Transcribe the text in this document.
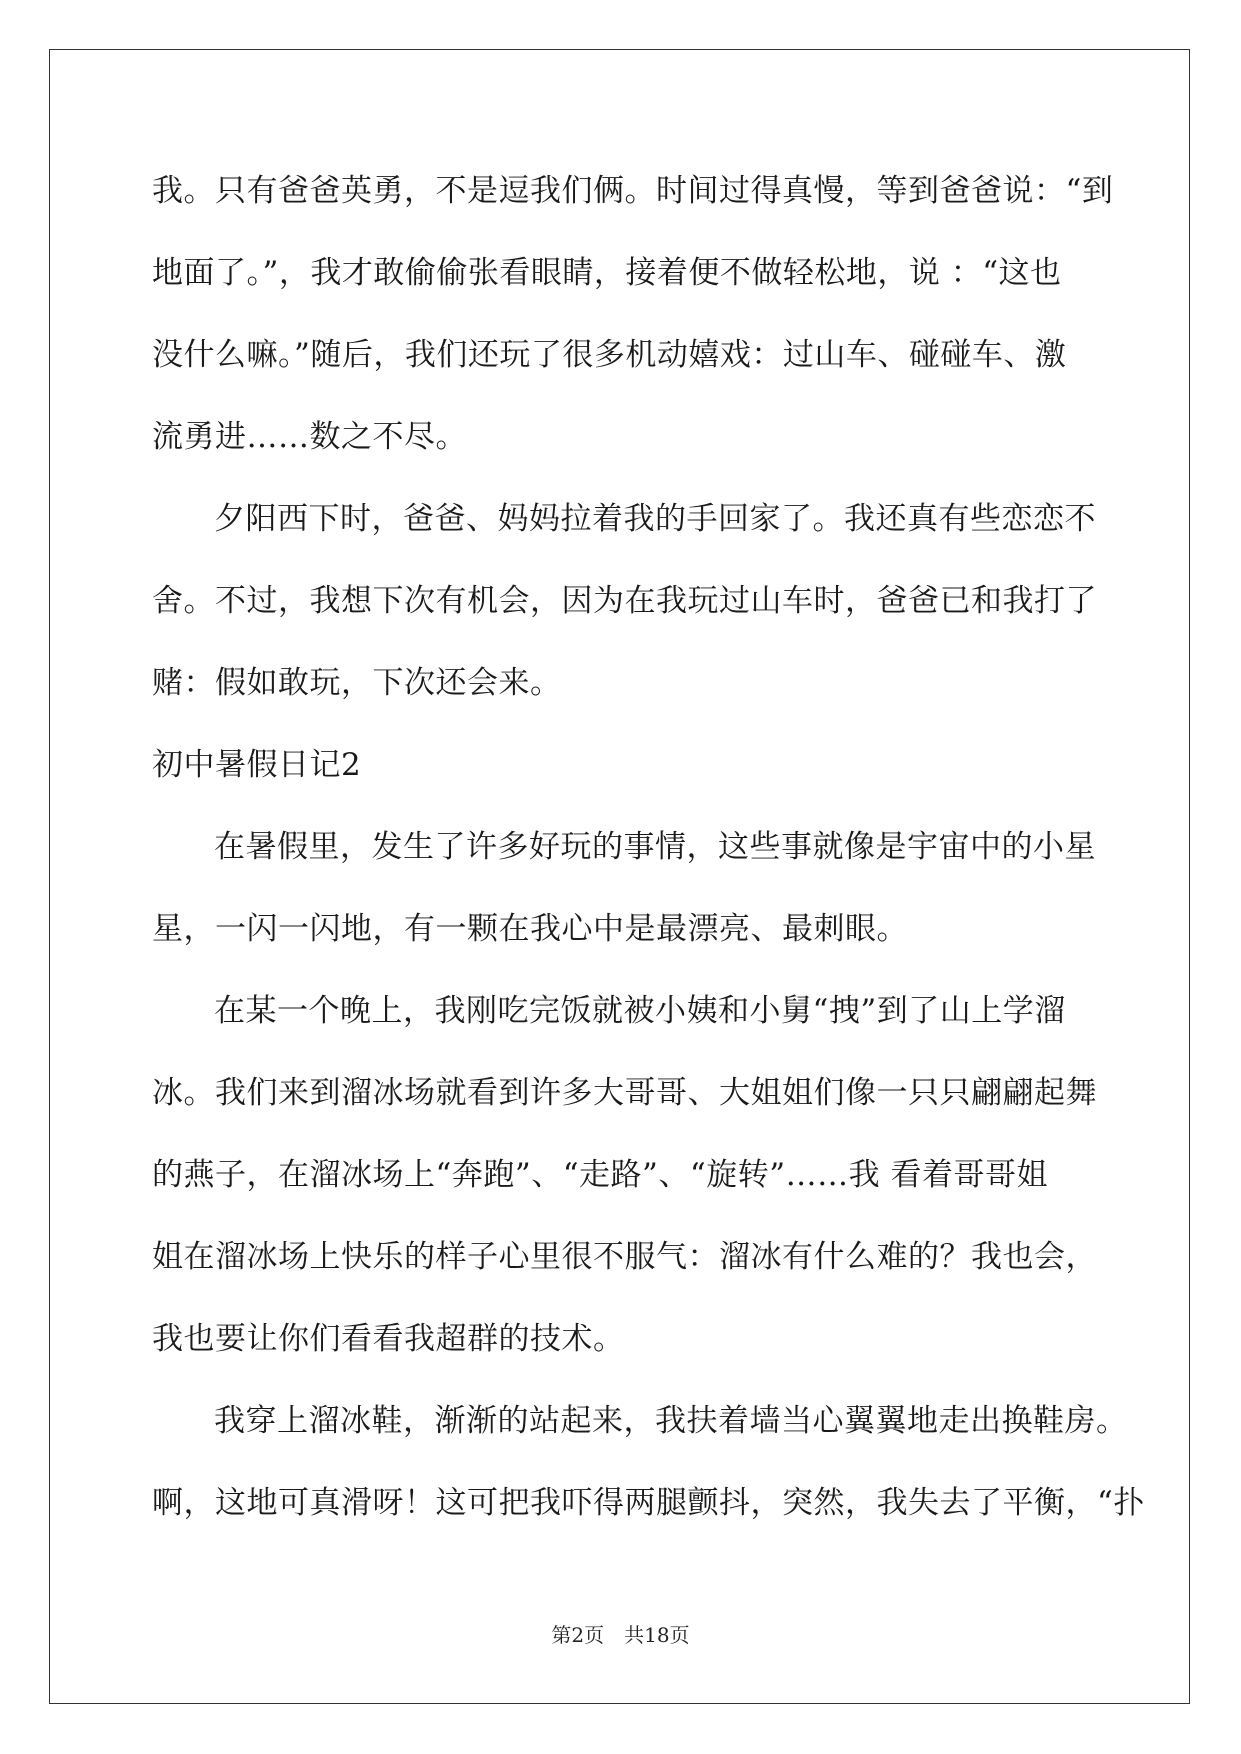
我。只有爸爸英勇，不是逗我们俩。时间过得真慢，等到爸爸说：“到
地面了。”，我才敢偷偷张看眼睛，接着便不做轻松地，说 ：“这也
没什么嘛。”随后，我们还玩了很多机动嬉戏：过山车、碰碰车、激
流勇进……数之不尽。
夕阳西下时，爸爸、妈妈拉着我的手回家了。我还真有些恋恋不
舍。不过，我想下次有机会，因为在我玩过山车时，爸爸已和我打了
赌：假如敢玩，下次还会来。
初中暑假日记2
在暑假里，发生了许多好玩的事情，这些事就像是宇宙中的小星
星，一闪一闪地，有一颗在我心中是最漂亮、最刺眼。
在某一个晚上，我刚吃完饭就被小姨和小舅“拽”到了山上学溜
冰。我们来到溜冰场就看到许多大哥哥、大姐姐们像一只只翩翩起舞
的燕子，在溜冰场上“奔跑”、“走路”、“旋转”……我 看着哥哥姐
姐在溜冰场上快乐的样子心里很不服气：溜冰有什么难的？我也会，
我也要让你们看看我超群的技术。
我穿上溜冰鞋，渐渐的站起来，我扶着墙当心翼翼地走出换鞋房。
啊，这地可真滑呀！这可把我吓得两腿颤抖，突然，我失去了平衡，“扑
第2页　共18页
